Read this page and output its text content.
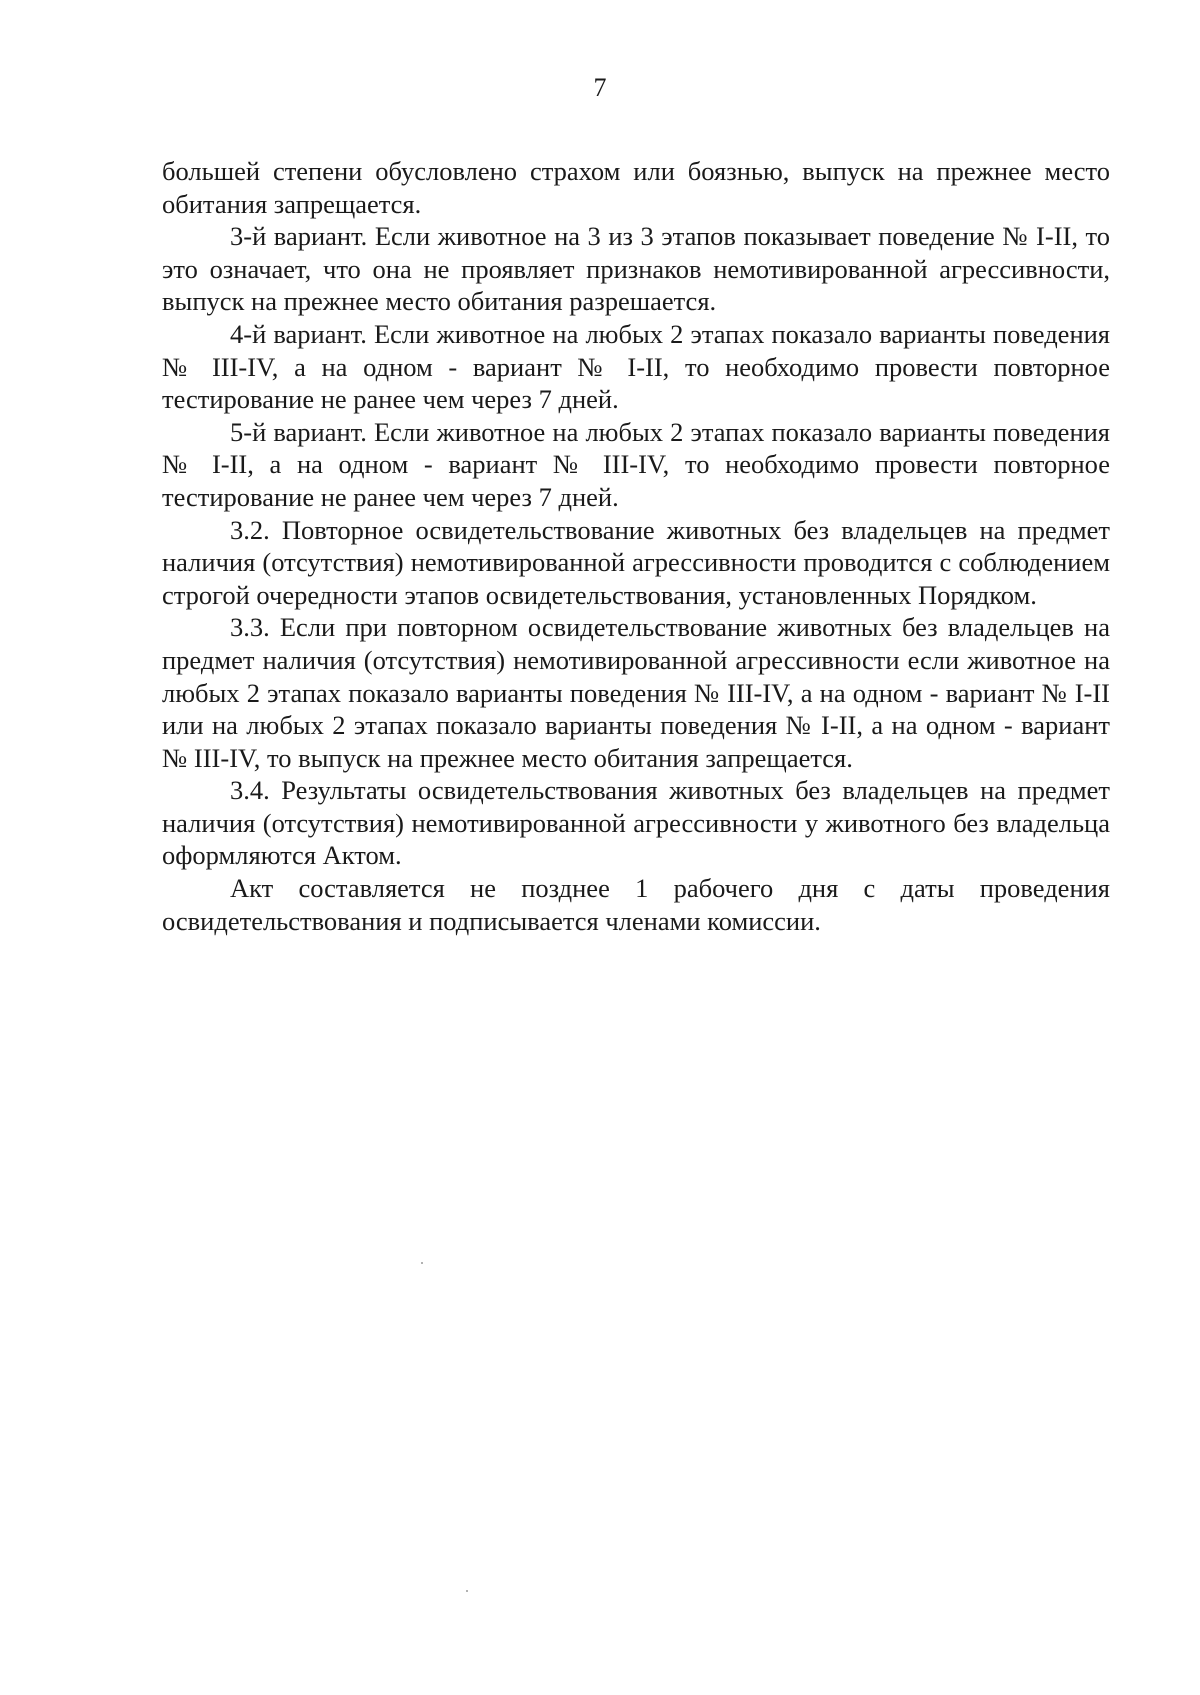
7

большей степени обусловлено страхом или боязнью, выпуск на прежнее место обитания запрещается.

3-й вариант. Если животное на 3 из 3 этапов показывает поведение № I-II, то это означает, что она не проявляет признаков немотивированной агрессивности, выпуск на прежнее место обитания разрешается.

4-й вариант. Если животное на любых 2 этапах показало варианты поведения № III-IV, а на одном - вариант № I-II, то необходимо провести повторное тестирование не ранее чем через 7 дней.

5-й вариант. Если животное на любых 2 этапах показало варианты поведения № I-II, а на одном - вариант № III-IV, то необходимо провести повторное тестирование не ранее чем через 7 дней.

3.2. Повторное освидетельствование животных без владельцев на предмет наличия (отсутствия) немотивированной агрессивности проводится с соблюдением строгой очередности этапов освидетельствования, установленных Порядком.

3.3. Если при повторном освидетельствование животных без владельцев на предмет наличия (отсутствия) немотивированной агрессивности если животное на любых 2 этапах показало варианты поведения № III-IV, а на одном - вариант № I-II или на любых 2 этапах показало варианты поведения № I-II, а на одном - вариант № III-IV, то выпуск на прежнее место обитания запрещается.

3.4. Результаты освидетельствования животных без владельцев на предмет наличия (отсутствия) немотивированной агрессивности у животного без владельца оформляются Актом.

Акт составляется не позднее 1 рабочего дня с даты проведения освидетельствования и подписывается членами комиссии.
